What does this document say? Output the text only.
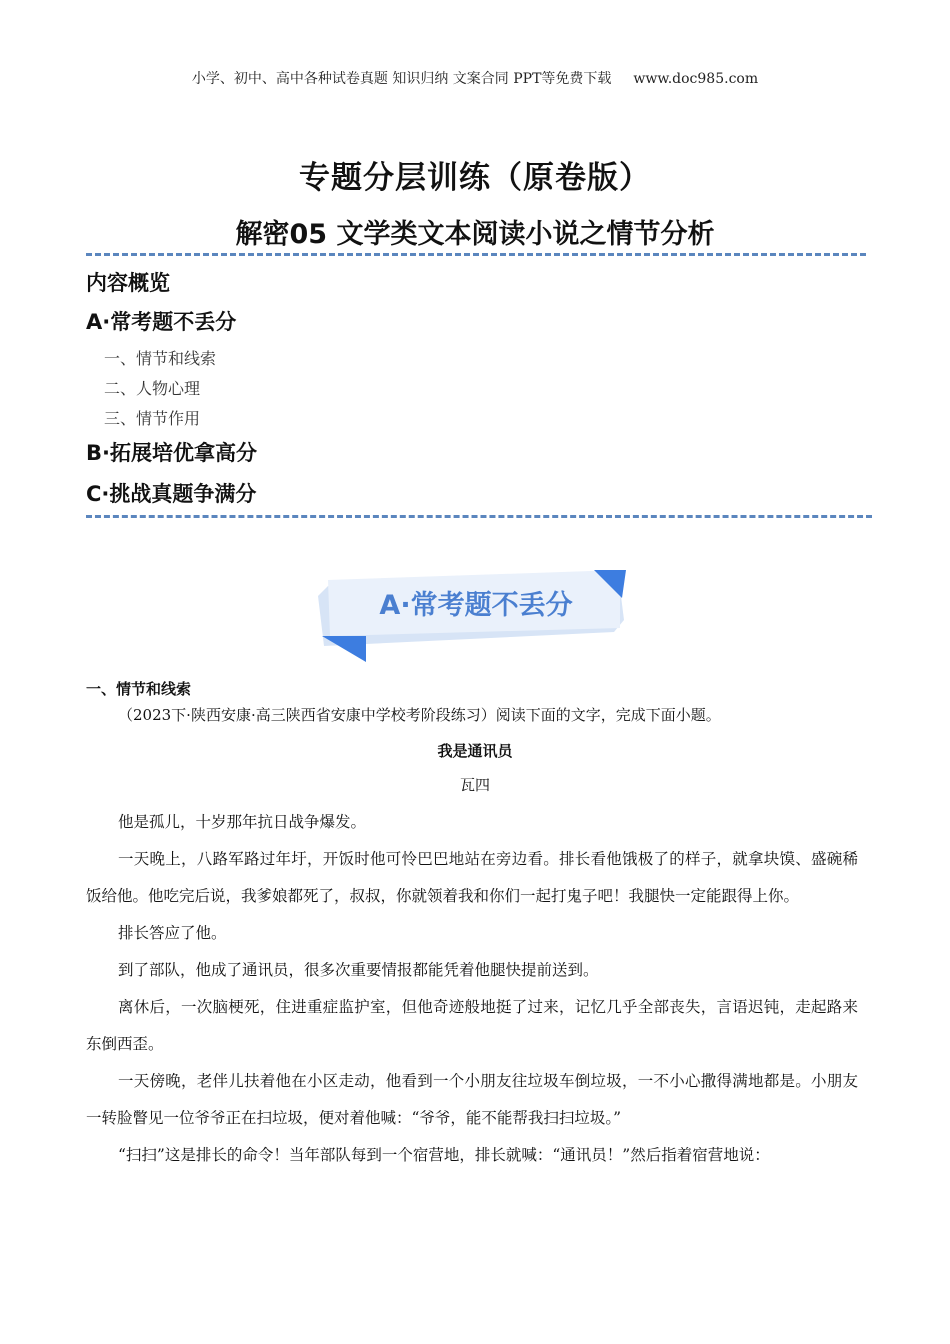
小学、初中、高中各种试卷真题 知识归纳 文案合同 PPT等免费下载 www.doc985.com
专题分层训练（原卷版）
解密05 文学类文本阅读小说之情节分析
内容概览
A·常考题不丢分
一、情节和线索
二、人物心理
三、情节作用
B·拓展培优拿高分
C·挑战真题争满分
A·常考题不丢分
一、情节和线索
（2023下·陕西安康·高三陕西省安康中学校考阶段练习）阅读下面的文字，完成下面小题。
我是通讯员
瓦四

他是孤儿，十岁那年抗日战争爆发。

一天晚上，八路军路过年圩，开饭时他可怜巴巴地站在旁边看。排长看他饿极了的样子，就拿块馍、盛碗稀饭给他。他吃完后说，我爹娘都死了，叔叔，你就领着我和你们一起打鬼子吧！我腿快一定能跟得上你。

排长答应了他。

到了部队，他成了通讯员，很多次重要情报都能凭着他腿快提前送到。

离休后，一次脑梗死，住进重症监护室，但他奇迹般地挺了过来，记忆几乎全部丧失，言语迟钝，走起路来东倒西歪。

一天傍晚，老伴儿扶着他在小区走动，他看到一个小朋友往垃圾车倒垃圾，一不小心撒得满地都是。小朋友一转脸瞥见一位爷爷正在扫垃圾，便对着他喊：“爷爷，能不能帮我扫扫垃圾。”

“扫扫”这是排长的命令！当年部队每到一个宿营地，排长就喊：“通讯员！”然后指着宿营地说：
